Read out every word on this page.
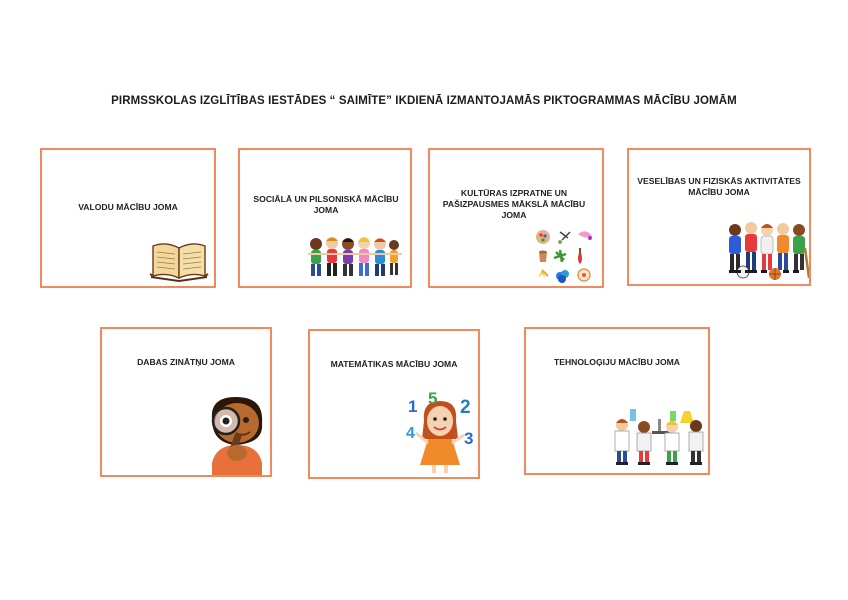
PIRMSSKOLAS IZGLĪTĪBAS IESTĀDES “ SAIMĪTE” IKDIENĀ IZMANTOJAMĀS PIKTOGRAMMAS MĀCĪBU JOMĀM
VALODU MĀCĪBU JOMA
SOCIĀLĀ UN PILSONISKĀ MĀCĪBU JOMA
KULTŪRAS IZPRATNE UN PAŠIZPAUSMES MĀKSLĀ MĀCĪBU JOMA
VESELĪBAS UN FIZISKĀS AKTIVITĀTES MĀCĪBU JOMA
DABAS ZINĀTŅU JOMA	MATEMĀTIKAS MĀCĪBU JOMA
1 5 2
4	3
TEHNOLOĢIJU MĀCĪBU JOMA
